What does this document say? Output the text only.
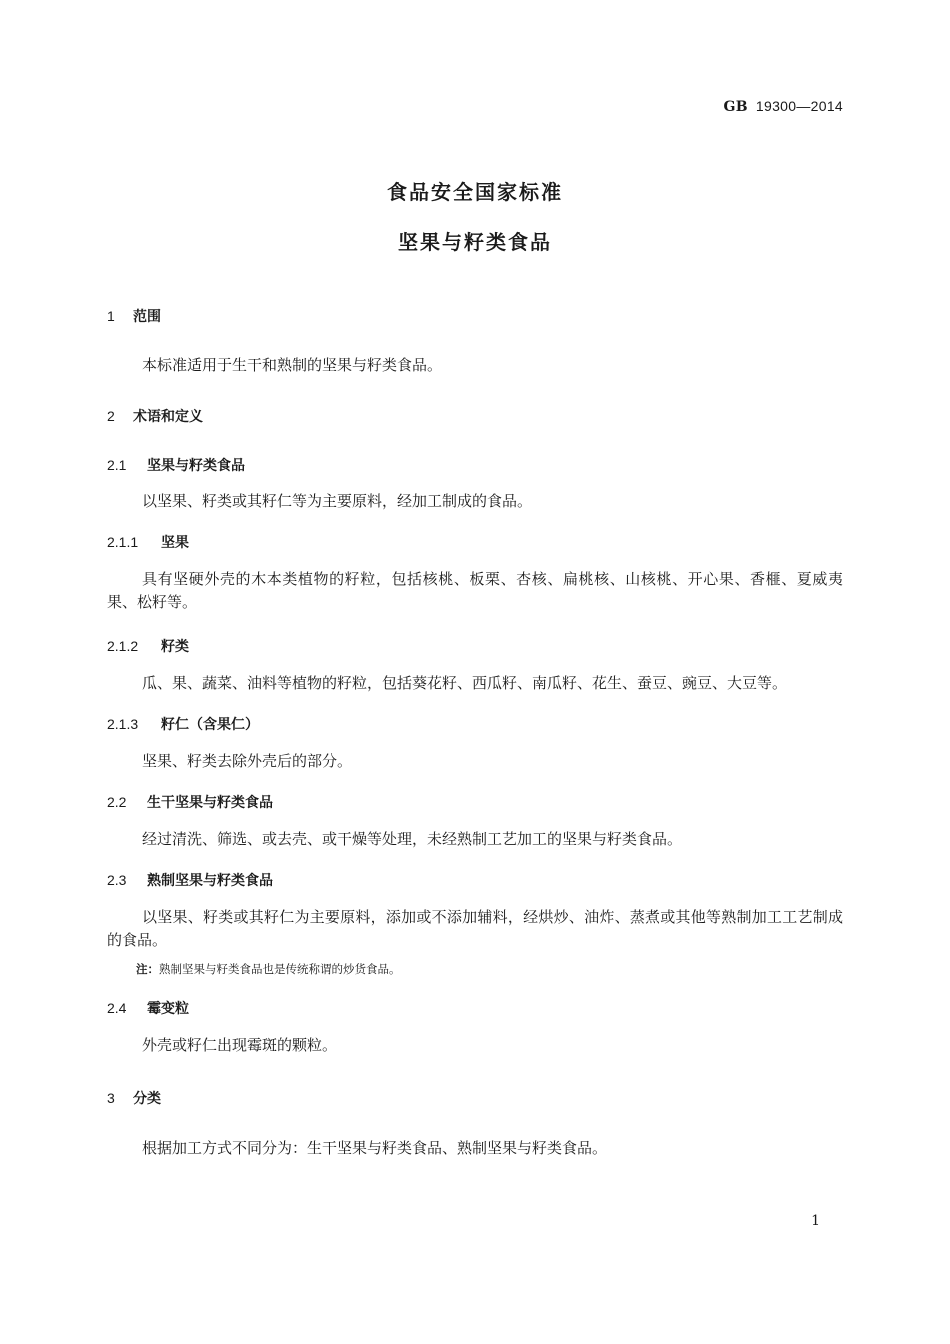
GB 19300—2014
食品安全国家标准
坚果与籽类食品
1 范围
本标准适用于生干和熟制的坚果与籽类食品。
2 术语和定义
2.1 坚果与籽类食品
以坚果、籽类或其籽仁等为主要原料，经加工制成的食品。
2.1.1 坚果
具有坚硬外壳的木本类植物的籽粒，包括核桃、板栗、杏核、扁桃核、山核桃、开心果、香榧、夏威夷果、松籽等。
2.1.2 籽类
瓜、果、蔬菜、油料等植物的籽粒，包括葵花籽、西瓜籽、南瓜籽、花生、蚕豆、豌豆、大豆等。
2.1.3 籽仁（含果仁）
坚果、籽类去除外壳后的部分。
2.2 生干坚果与籽类食品
经过清洗、筛选、或去壳、或干燥等处理，未经熟制工艺加工的坚果与籽类食品。
2.3 熟制坚果与籽类食品
以坚果、籽类或其籽仁为主要原料，添加或不添加辅料，经烘炒、油炸、蒸煮或其他等熟制加工工艺制成的食品。
注：熟制坚果与籽类食品也是传统称谓的炒货食品。
2.4 霉变粒
外壳或籽仁出现霉斑的颗粒。
3 分类
根据加工方式不同分为：生干坚果与籽类食品、熟制坚果与籽类食品。
1
